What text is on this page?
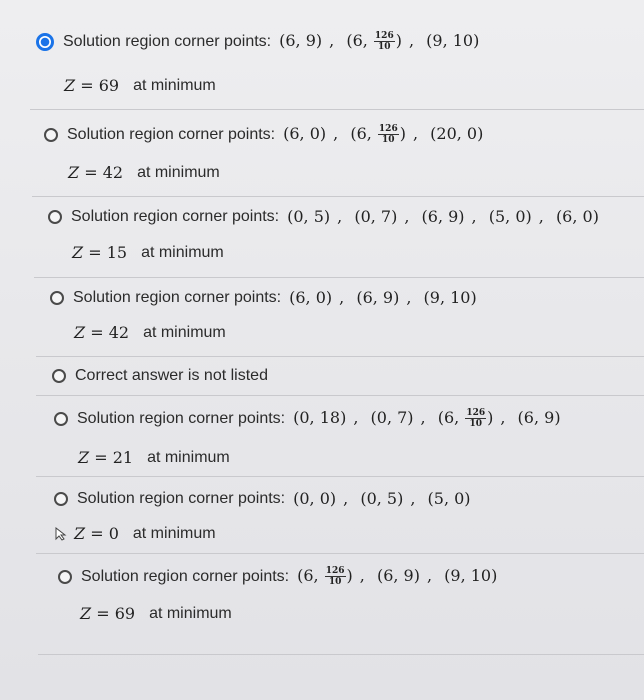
Solution region corner points: (6, 9) , (6, $\frac{126}{10}$ ) , (9, 10)
Z = 69 at minimum
Solution region corner points: (6, 0) , (6, $\frac{126}{10}$ ) , (20, 0)
Z = 42 at minimum
Solution region corner points: (0, 5) , (0, 7) , (6, 9) , (5, 0) , (6, 0)
Z = 15 at minimum
Solution region corner points: (6, 0) , (6, 9) , (9, 10)
Z = 42 at minimum
Correct answer is not listed
Solution region corner points: (0, 18) , (0, 7) , (6, $\frac{126}{10}$ ) , (6, 9)
Z = 21 at minimum
Solution region corner points: (0, 0) , (0, 5) , (5, 0)
Z = 0 at minimum
Solution region corner points: (6, $\frac{126}{10}$ ) , (6, 9) , (9, 10)
Z = 69 at minimum
